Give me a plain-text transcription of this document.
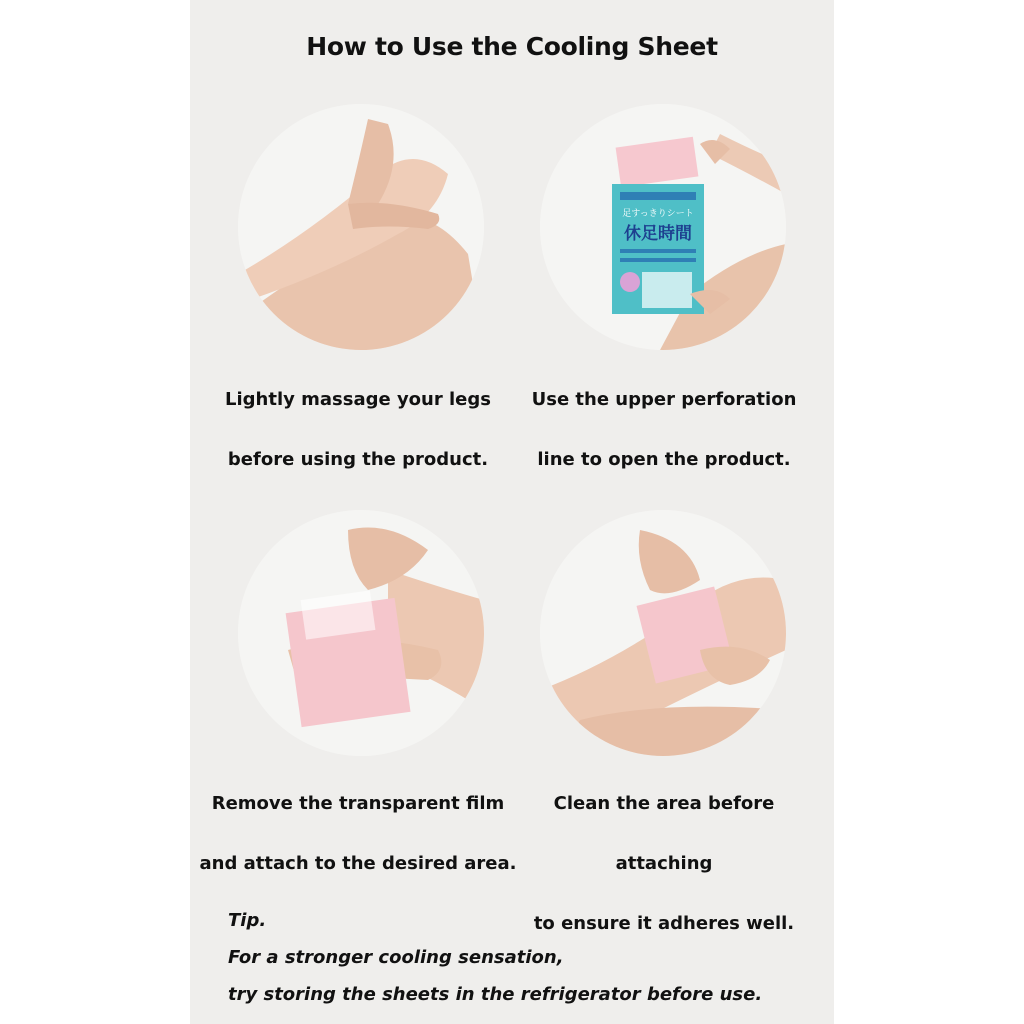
How to Use the Cooling Sheet
Lightly massage your legs
before using the product.
足すっきりシート
休足時間
Use the upper perforation
line to open the product.
Remove the transparent film
and attach to the desired area.
Clean the area before attaching
to ensure it adheres well.
Tip.
For a stronger cooling sensation,
try storing the sheets in the refrigerator before use.
